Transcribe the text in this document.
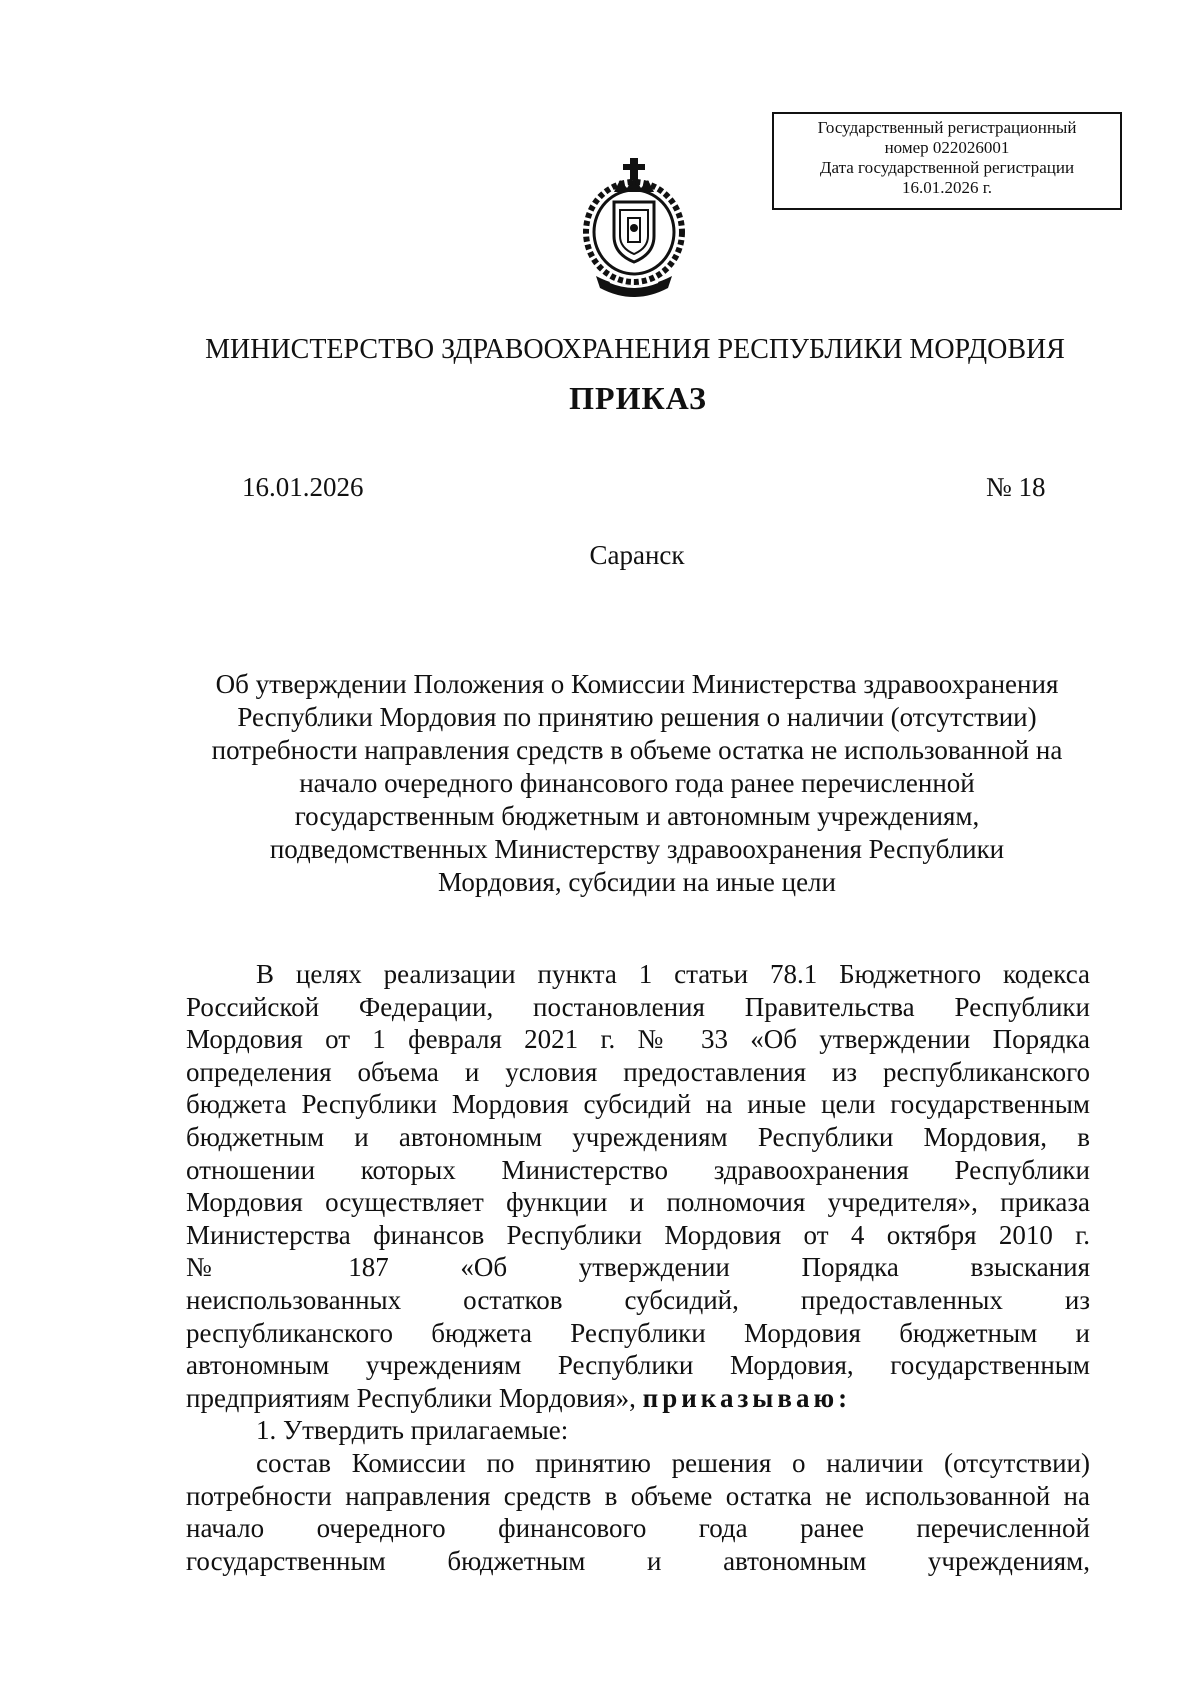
Государственный регистрационный
номер 022026001
Дата государственной регистрации
16.01.2026 г.
МИНИСТЕРСТВО ЗДРАВООХРАНЕНИЯ РЕСПУБЛИКИ МОРДОВИЯ
ПРИКАЗ
16.01.2026	№ 18
Саранск
Об утверждении Положения о Комиссии Министерства здравоохранения
Республики Мордовия по принятию решения о наличии (отсутствии)
потребности направления средств в объеме остатка не использованной на
начало очередного финансового года ранее перечисленной
государственным бюджетным и автономным учреждениям,
подведомственных Министерству здравоохранения Республики
Мордовия, субсидии на иные цели
В целях реализации пункта 1 статьи 78.1 Бюджетного кодекса
Российской Федерации, постановления Правительства Республики
Мордовия от 1 февраля 2021 г. № 33 «Об утверждении Порядка
определения объема и условия предоставления из республиканского
бюджета Республики Мордовия субсидий на иные цели государственным
бюджетным и автономным учреждениям Республики Мордовия, в
отношении которых Министерство здравоохранения Республики
Мордовия осуществляет функции и полномочия учредителя», приказа
Министерства финансов Республики Мордовия от 4 октября 2010 г.
№ 187 «Об утверждении Порядка взыскания
неиспользованных остатков субсидий, предоставленных из
республиканского бюджета Республики Мордовия бюджетным и
автономным учреждениям Республики Мордовия, государственным
предприятиям Республики Мордовия», приказываю:
1. Утвердить прилагаемые:
состав Комиссии по принятию решения о наличии (отсутствии)
потребности направления средств в объеме остатка не использованной на
начало очередного финансового года ранее перечисленной
государственным бюджетным и автономным учреждениям,
